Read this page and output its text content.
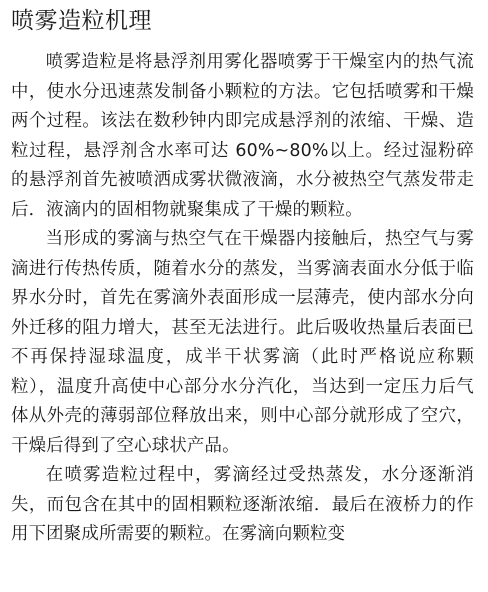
喷雾造粒机理

喷雾造粒是将悬浮剂用雾化器喷雾于干燥室内的热气流中，使水分迅速蒸发制备小颗粒的方法。它包括喷雾和干燥两个过程。该法在数秒钟内即完成悬浮剂的浓缩、干燥、造粒过程，悬浮剂含水率可达 60%~80%以上。经过湿粉碎的悬浮剂首先被喷洒成雾状微液滴，水分被热空气蒸发带走后．液滴内的固相物就聚集成了干燥的颗粒。

当形成的雾滴与热空气在干燥器内接触后，热空气与雾滴进行传热传质，随着水分的蒸发，当雾滴表面水分低于临界水分时，首先在雾滴外表面形成一层薄壳，使内部水分向外迁移的阻力增大，甚至无法进行。此后吸收热量后表面已不再保持湿球温度，成半干状雾滴（此时严格说应称颗粒），温度升高使中心部分水分汽化，当达到一定压力后气体从外壳的薄弱部位释放出来，则中心部分就形成了空穴，干燥后得到了空心球状产品。

在喷雾造粒过程中，雾滴经过受热蒸发，水分逐渐消失，而包含在其中的固相颗粒逐渐浓缩．最后在液桥力的作用下团聚成所需要的颗粒。在雾滴向颗粒变
